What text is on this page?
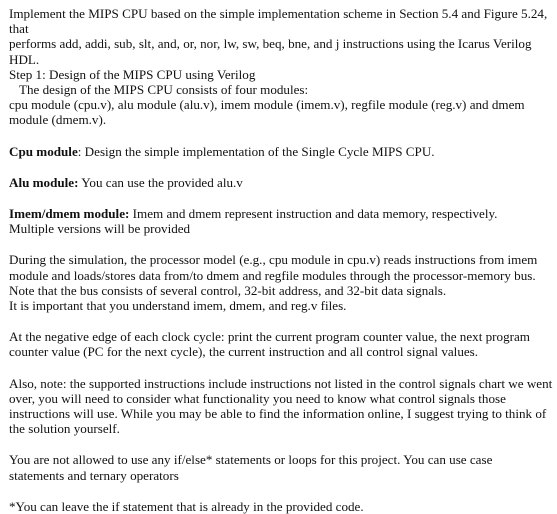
Implement the MIPS CPU based on the simple implementation scheme in Section 5.4 and Figure 5.24,
that
performs add, addi, sub, slt, and, or, nor, lw, sw, beq, bne, and j instructions using the Icarus Verilog
HDL.
Step 1: Design of the MIPS CPU using Verilog
The design of the MIPS CPU consists of four modules:
cpu module (cpu.v), alu module (alu.v), imem module (imem.v), regfile module (reg.v) and dmem
module (dmem.v).
Cpu module: Design the simple implementation of the Single Cycle MIPS CPU.
Alu module: You can use the provided alu.v
Imem/dmem module: Imem and dmem represent instruction and data memory, respectively.
Multiple versions will be provided
During the simulation, the processor model (e.g., cpu module in cpu.v) reads instructions from imem
module and loads/stores data from/to dmem and regfile modules through the processor-memory bus.
Note that the bus consists of several control, 32-bit address, and 32-bit data signals.
It is important that you understand imem, dmem, and reg.v files.
At the negative edge of each clock cycle: print the current program counter value, the next program
counter value (PC for the next cycle), the current instruction and all control signal values.
Also, note: the supported instructions include instructions not listed in the control signals chart we went
over, you will need to consider what functionality you need to know what control signals those
instructions will use. While you may be able to find the information online, I suggest trying to think of
the solution yourself.
You are not allowed to use any if/else* statements or loops for this project. You can use case
statements and ternary operators
*You can leave the if statement that is already in the provided code.
